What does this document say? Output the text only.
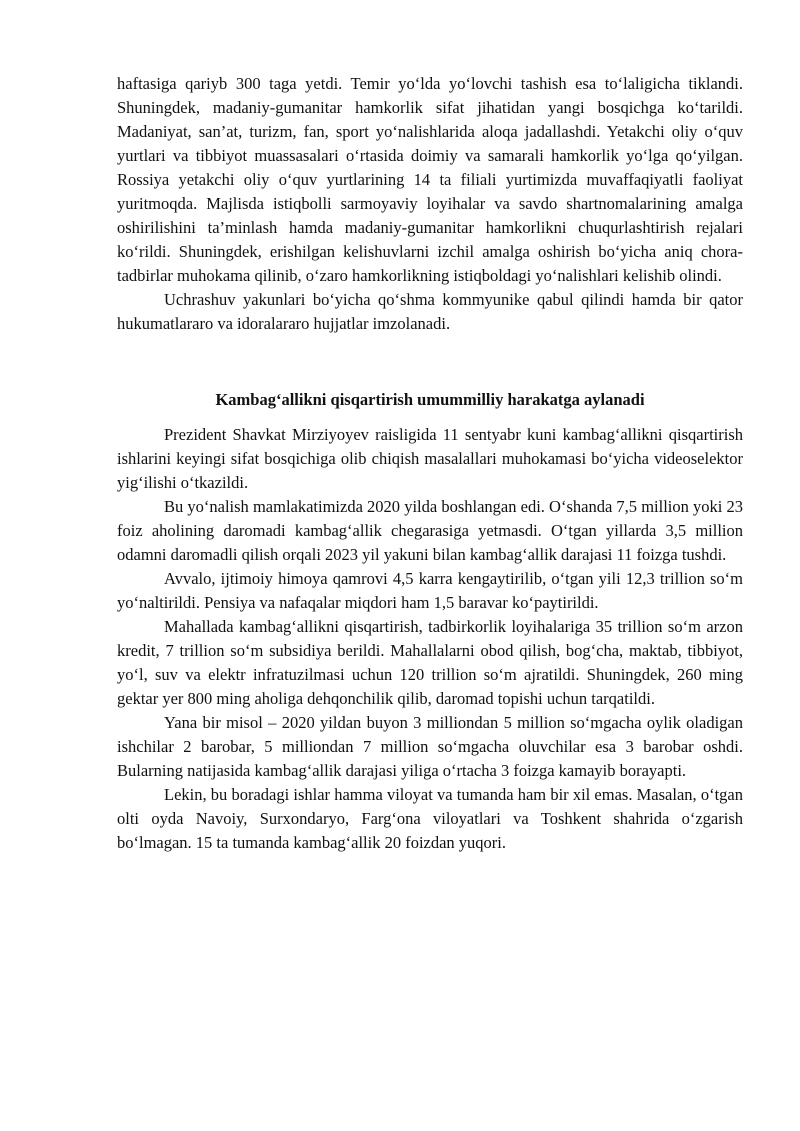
haftasiga qariyb 300 taga yetdi. Temir yo‘lda yo‘lovchi tashish esa to‘laligicha tiklandi. Shuningdek, madaniy-gumanitar hamkorlik sifat jihatidan yangi bosqichga ko‘tarildi. Madaniyat, san’at, turizm, fan, sport yo‘nalishlarida aloqa jadallashdi. Yetakchi oliy o‘quv yurtlari va tibbiyot muassasalari o‘rtasida doimiy va samarali hamkorlik yo‘lga qo‘yilgan. Rossiya yetakchi oliy o‘quv yurtlarining 14 ta filiali yurtimizda muvaffaqiyatli faoliyat yuritmoqda. Majlisda istiqbolli sarmoyaviy loyihalar va savdo shartnomalarining amalga oshirilishini ta’minlash hamda madaniy-gumanitar hamkorlikni chuqurlashtirish rejalari ko‘rildi. Shuningdek, erishilgan kelishuvlarni izchil amalga oshirish bo‘yicha aniq chora-tadbirlar muhokama qilinib, o‘zaro hamkorlikning istiqboldagi yo‘nalishlari kelishib olindi.

Uchrashuv yakunlari bo‘yicha qo‘shma kommyunike qabul qilindi hamda bir qator hukumatlararo va idoralararo hujjatlar imzolanadi.

Kambag‘allikni qisqartirish umummilliy harakatga aylanadi

Prezident Shavkat Mirziyoyev raisligida 11 sentyabr kuni kambag‘allikni qisqartirish ishlarini keyingi sifat bosqichiga olib chiqish masalallari muhokamasi bo‘yicha videoselektor yig‘ilishi o‘tkazildi.

Bu yo‘nalish mamlakatimizda 2020 yilda boshlangan edi. O‘shanda 7,5 million yoki 23 foiz aholining daromadi kambag‘allik chegarasiga yetmasdi. O‘tgan yillarda 3,5 million odamni daromadli qilish orqali 2023 yil yakuni bilan kambag‘allik darajasi 11 foizga tushdi.

Avvalo, ijtimoiy himoya qamrovi 4,5 karra kengaytirilib, o‘tgan yili 12,3 trillion so‘m yo‘naltirildi. Pensiya va nafaqalar miqdori ham 1,5 baravar ko‘paytirildi.

Mahallada kambag‘allikni qisqartirish, tadbirkorlik loyihalariga 35 trillion so‘m arzon kredit, 7 trillion so‘m subsidiya berildi. Mahallalarni obod qilish, bog‘cha, maktab, tibbiyot, yo‘l, suv va elektr infratuzilmasi uchun 120 trillion so‘m ajratildi. Shuningdek, 260 ming gektar yer 800 ming aholiga dehqonchilik qilib, daromad topishi uchun tarqatildi.

Yana bir misol – 2020 yildan buyon 3 milliondan 5 million so‘mgacha oylik oladigan ishchilar 2 barobar, 5 milliondan 7 million so‘mgacha oluvchilar esa 3 barobar oshdi. Bularning natijasida kambag‘allik darajasi yiliga o‘rtacha 3 foizga kamayib borayapti.

Lekin, bu boradagi ishlar hamma viloyat va tumanda ham bir xil emas. Masalan, o‘tgan olti oyda Navoiy, Surxondaryo, Farg‘ona viloyatlari va Toshkent shahrida o‘zgarish bo‘lmagan. 15 ta tumanda kambag‘allik 20 foizdan yuqori.
